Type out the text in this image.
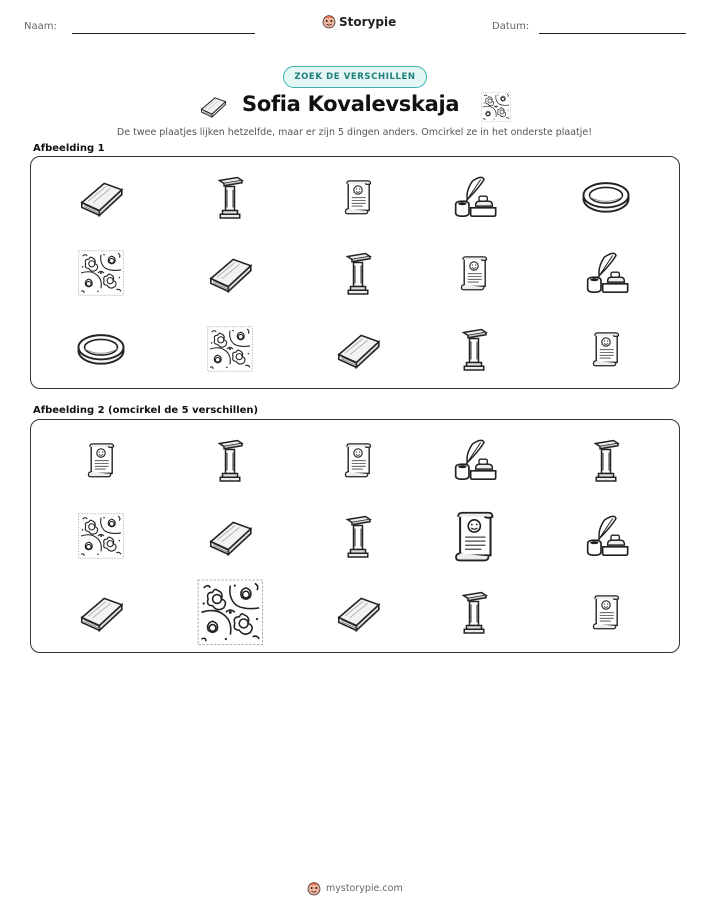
Naam:	Storypie	Datum:
ZOEK DE VERSCHILLEN
Sofia Kovalevskaja
De twee plaatjes lijken hetzelfde, maar er zijn 5 dingen anders. Omcirkel ze in het onderste plaatje!
Afbeelding 1
Afbeelding 2 (omcirkel de 5 verschillen)
mystorypie.com
